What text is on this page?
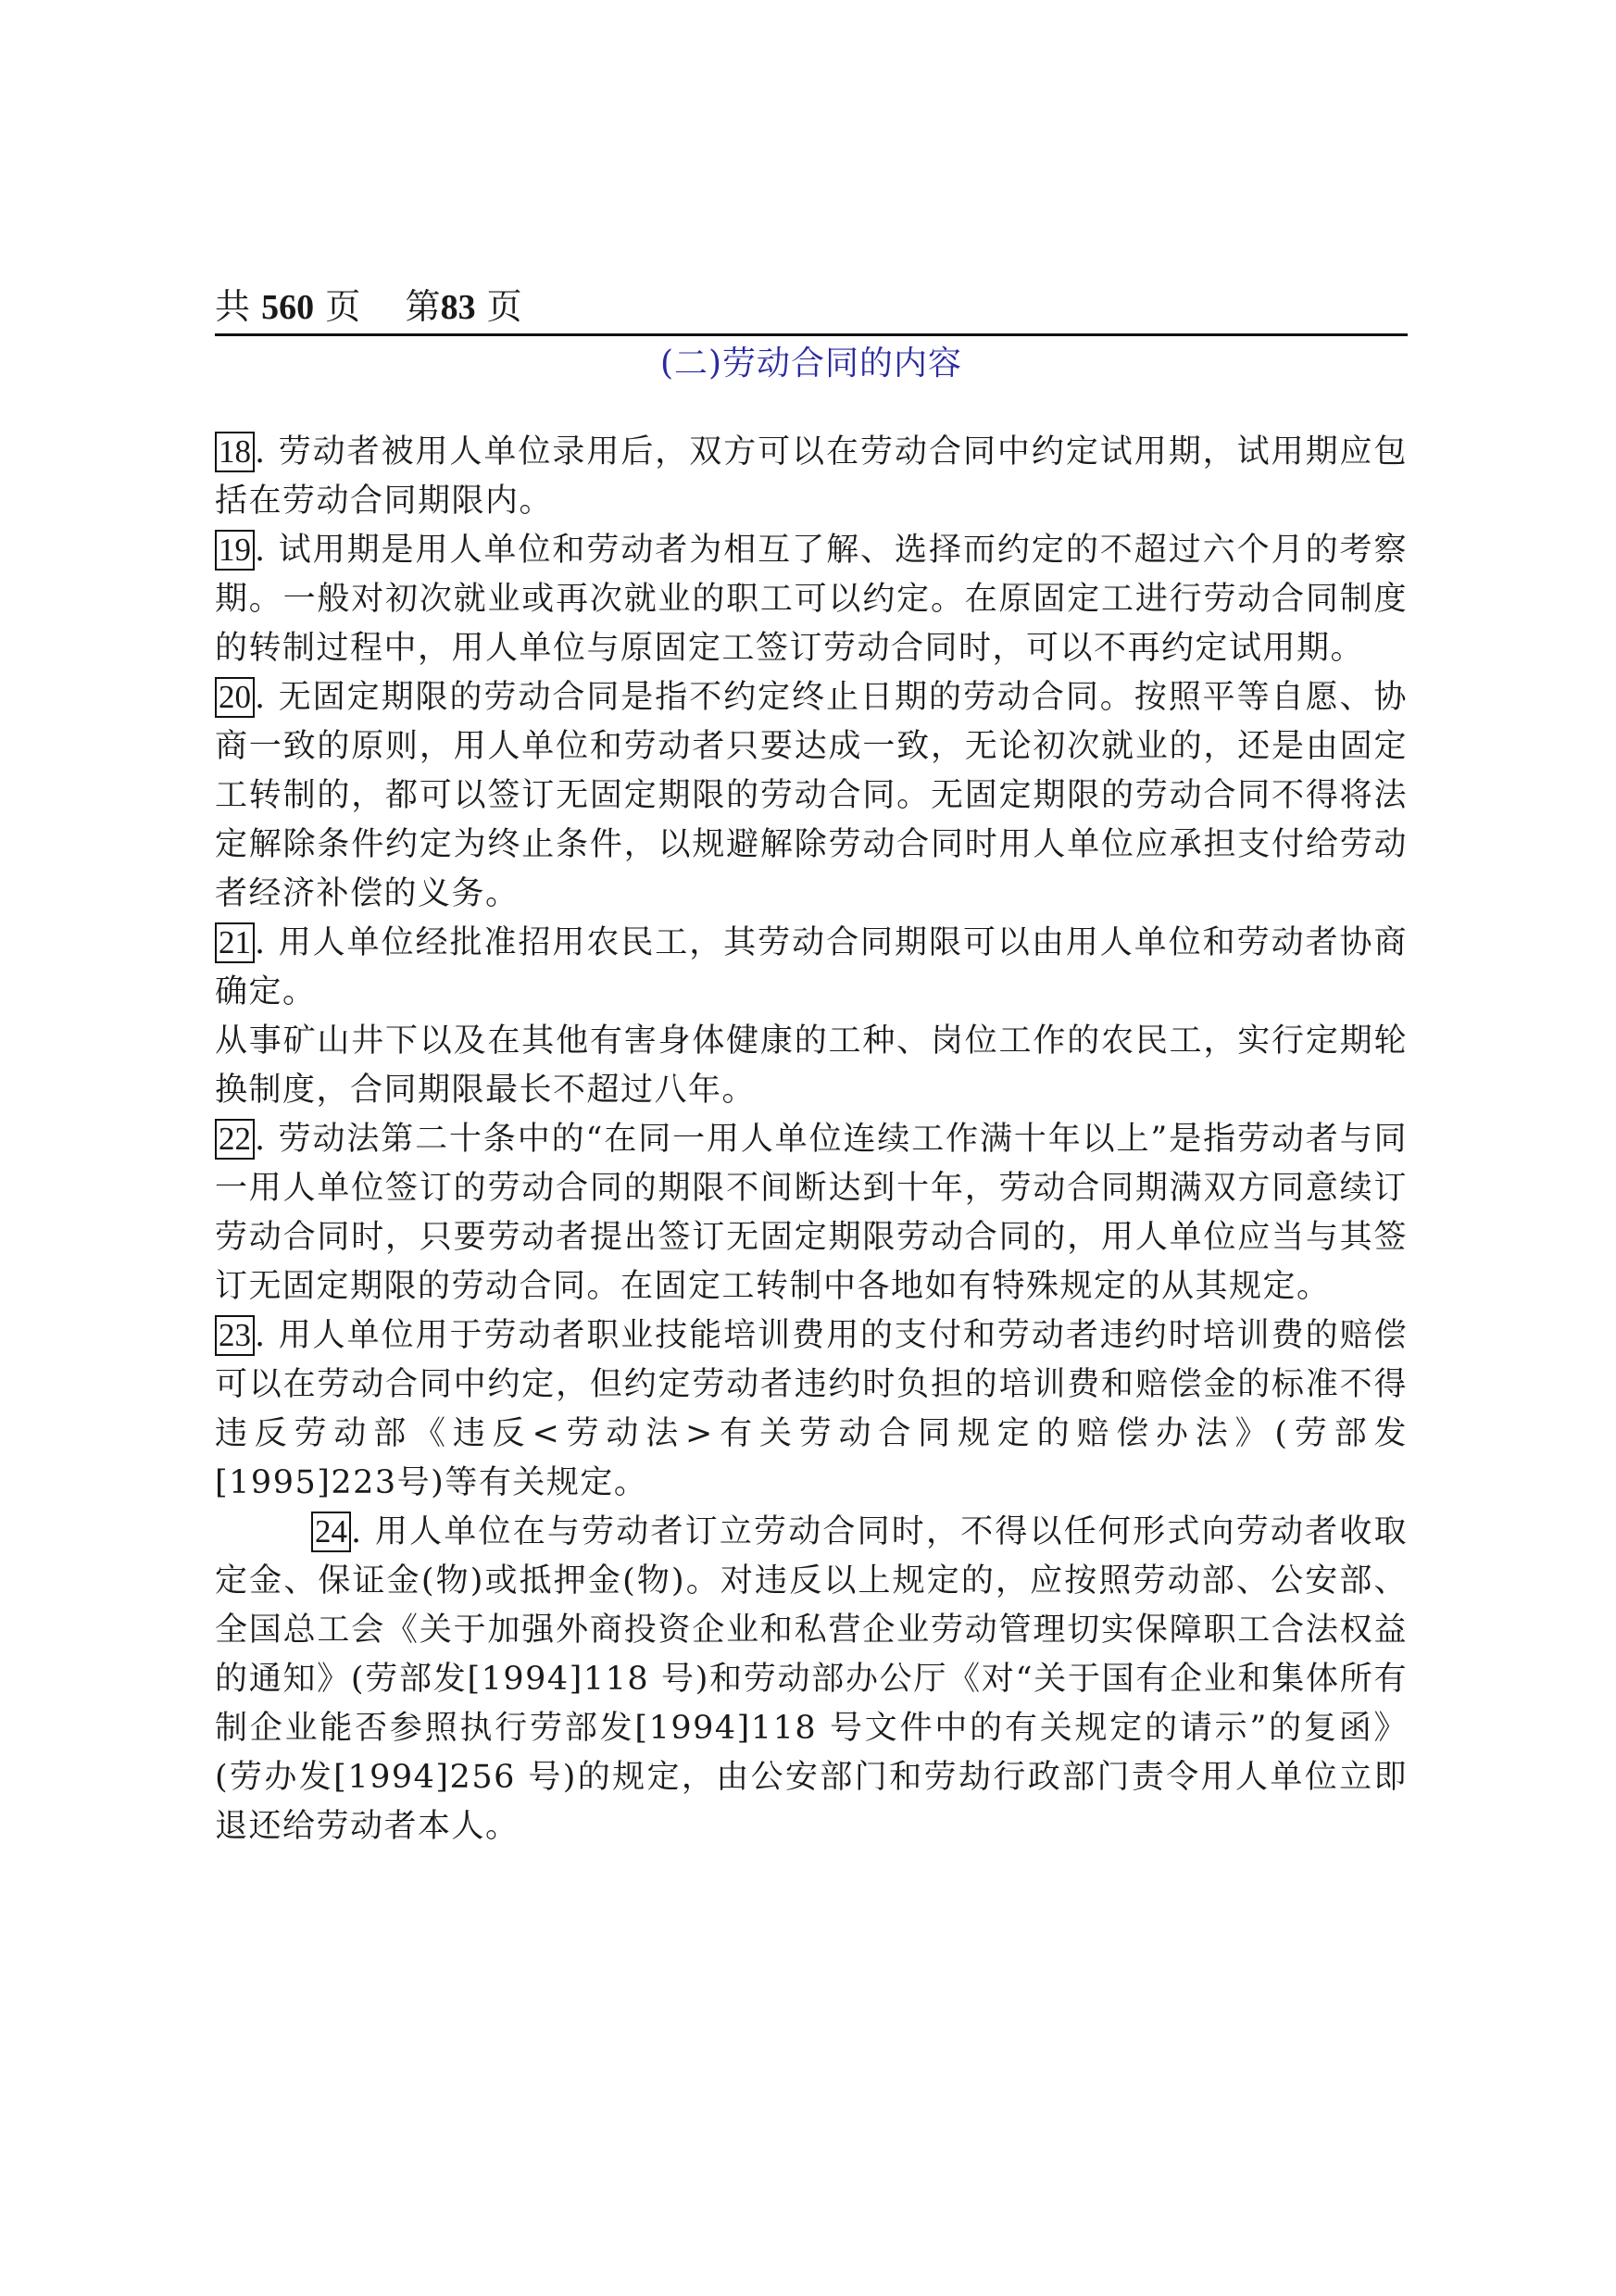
共 560 页 第83 页
(二)劳动合同的内容

18 . 劳动者被用人单位录用后，双方可以在劳动合同中约定试用期，试用期应包括在劳动合同期限内。

19 . 试用期是用人单位和劳动者为相互了解、选择而约定的不超过六个月的考察期。一般对初次就业或再次就业的职工可以约定。在原固定工进行劳动合同制度的转制过程中，用人单位与原固定工签订劳动合同时，可以不再约定试用期。

20 . 无固定期限的劳动合同是指不约定终止日期的劳动合同。按照平等自愿、协商一致的原则，用人单位和劳动者只要达成一致，无论初次就业的，还是由固定工转制的，都可以签订无固定期限的劳动合同。无固定期限的劳动合同不得将法定解除条件约定为终止条件，以规避解除劳动合同时用人单位应承担支付给劳动者经济补偿的义务。

21 . 用人单位经批准招用农民工，其劳动合同期限可以由用人单位和劳动者协商确定。

从事矿山井下以及在其他有害身体健康的工种、岗位工作的农民工，实行定期轮换制度，合同期限最长不超过八年。

22 . 劳动法第二十条中的“在同一用人单位连续工作满十年以上”是指劳动者与同一用人单位签订的劳动合同的期限不间断达到十年，劳动合同期满双方同意续订劳动合同时，只要劳动者提出签订无固定期限劳动合同的，用人单位应当与其签订无固定期限的劳动合同。在固定工转制中各地如有特殊规定的从其规定。

23 . 用人单位用于劳动者职业技能培训费用的支付和劳动者违约时培训费的赔偿可以在劳动合同中约定，但约定劳动者违约时负担的培训费和赔偿金的标准不得违反劳动部《违反<劳动法>有关劳动合同规定的赔偿办法》(劳部发[1995]223号)等有关规定。

24 . 用人单位在与劳动者订立劳动合同时，不得以任何形式向劳动者收取定金、保证金(物)或抵押金(物)。对违反以上规定的，应按照劳动部、公安部、全国总工会《关于加强外商投资企业和私营企业劳动管理切实保障职工合法权益的通知》(劳部发[1994]118 号)和劳动部办公厅《对“关于国有企业和集体所有制企业能否参照执行劳部发[1994]118 号文件中的有关规定的请示”的复函》(劳办发[1994]256 号)的规定，由公安部门和劳劫行政部门责令用人单位立即退还给劳动者本人。
